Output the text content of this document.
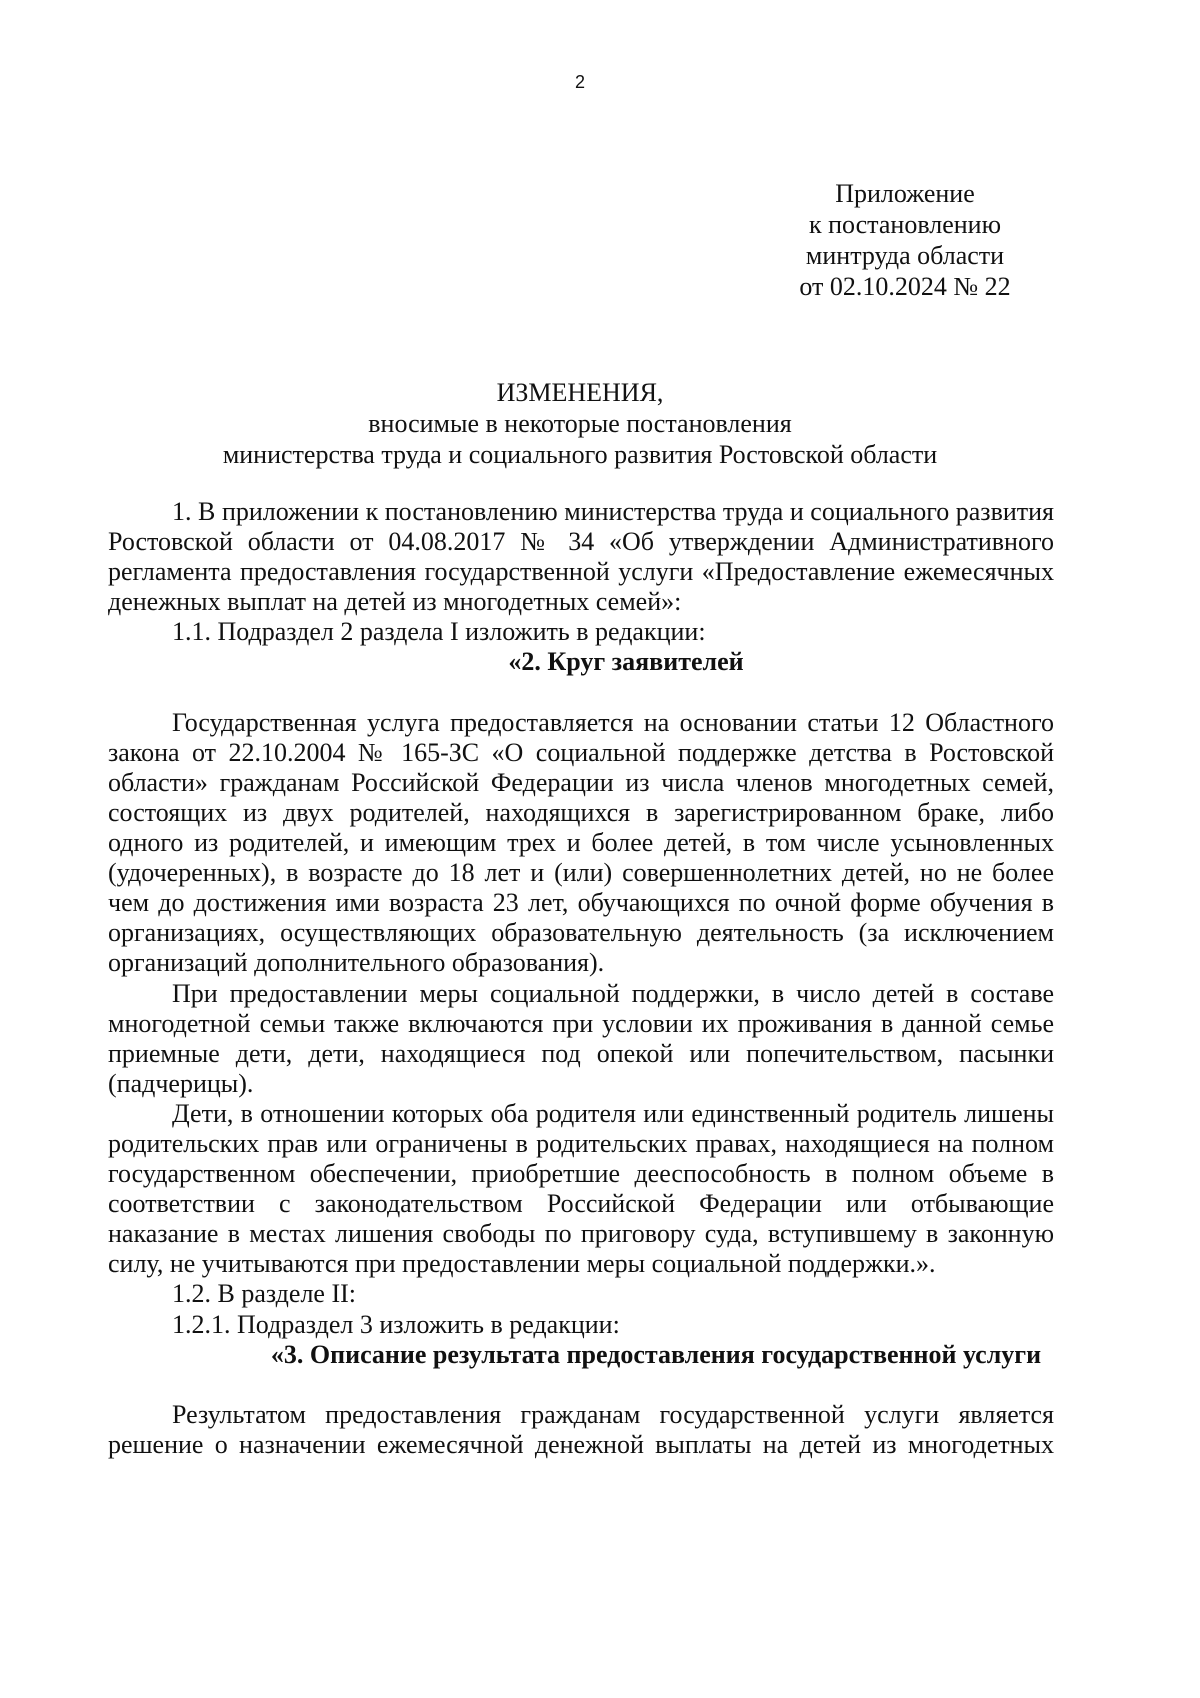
2
Приложение
к постановлению
минтруда области
от 02.10.2024 № 22
ИЗМЕНЕНИЯ,
вносимые в некоторые постановления
министерства труда и социального развития Ростовской области

1. В приложении к постановлению министерства труда и социального развития Ростовской области от 04.08.2017 № 34 «Об утверждении Административного регламента предоставления государственной услуги «Предоставление ежемесячных денежных выплат на детей из многодетных семей»:

1.1. Подраздел 2 раздела I изложить в редакции:

«2. Круг заявителей

Государственная услуга предоставляется на основании статьи 12 Областного закона от 22.10.2004 № 165-ЗС «О социальной поддержке детства в Ростовской области» гражданам Российской Федерации из числа членов многодетных семей, состоящих из двух родителей, находящихся в зарегистрированном браке, либо одного из родителей, и имеющим трех и более детей, в том числе усыновленных (удочеренных), в возрасте до 18 лет и (или) совершеннолетних детей, но не более чем до достижения ими возраста 23 лет, обучающихся по очной форме обучения в организациях, осуществляющих образовательную деятельность (за исключением организаций дополнительного образования).

При предоставлении меры социальной поддержки, в число детей в составе многодетной семьи также включаются при условии их проживания в данной семье приемные дети, дети, находящиеся под опекой или попечительством, пасынки (падчерицы).

Дети, в отношении которых оба родителя или единственный родитель лишены родительских прав или ограничены в родительских правах, находящиеся на полном государственном обеспечении, приобретшие дееспособность в полном объеме в соответствии с законодательством Российской Федерации или отбывающие наказание в местах лишения свободы по приговору суда, вступившему в законную силу, не учитываются при предоставлении меры социальной поддержки.».

1.2. В разделе II:

1.2.1. Подраздел 3 изложить в редакции:

«3. Описание результата предоставления государственной услуги

Результатом предоставления гражданам государственной услуги является решение о назначении ежемесячной денежной выплаты на детей из многодетных
